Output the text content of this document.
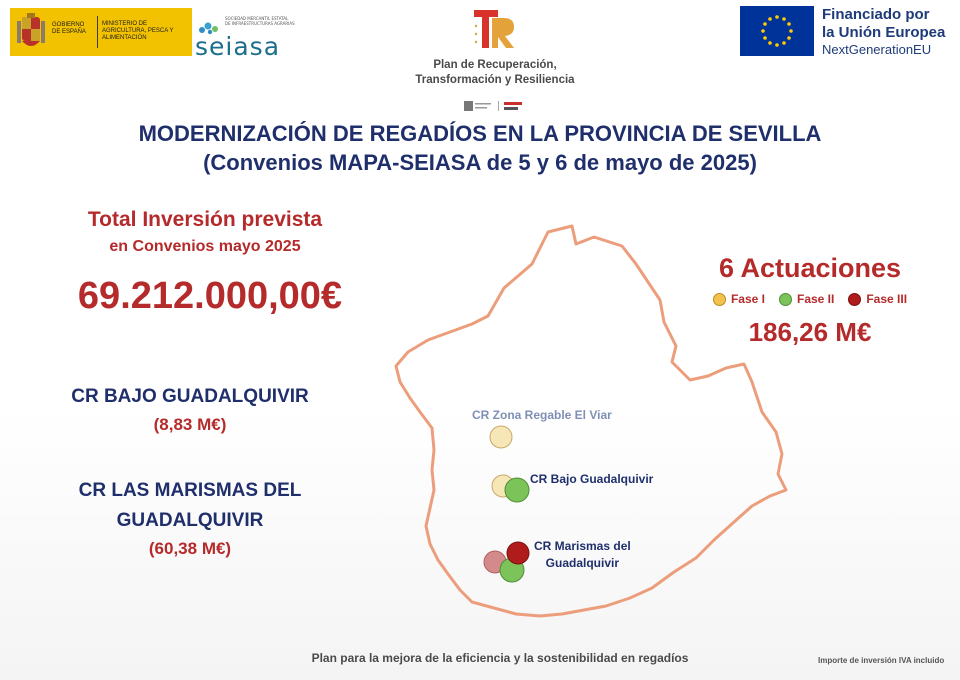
GOBIERNO DE ESPAÑA
MINISTERIO DE AGRICULTURA, PESCA Y ALIMENTACIÓN
SOCIEDAD MERCANTIL ESTATAL DE INFRAESTRUCTURAS AGRARIAS
seiasa
Plan de Recuperación,
Transformación y Resiliencia
Financiado por
la Unión Europea
NextGenerationEU
MODERNIZACIÓN DE REGADÍOS EN LA PROVINCIA DE SEVILLA
(Convenios MAPA-SEIASA de 5 y 6 de mayo de 2025)
Total Inversión prevista
en Convenios mayo 2025
69.212.000,00€
CR BAJO GUADALQUIVIR
(8,83 M€)
CR LAS MARISMAS DEL
GUADALQUIVIR
(60,38 M€)
6 Actuaciones
Fase I	Fase II	Fase III
186,26 M€
CR Zona Regable El Viar
CR Bajo Guadalquivir
CR Marismas del
Guadalquivir
Plan para la mejora de la eficiencia y la sostenibilidad en regadíos	Importe de inversión IVA incluido
